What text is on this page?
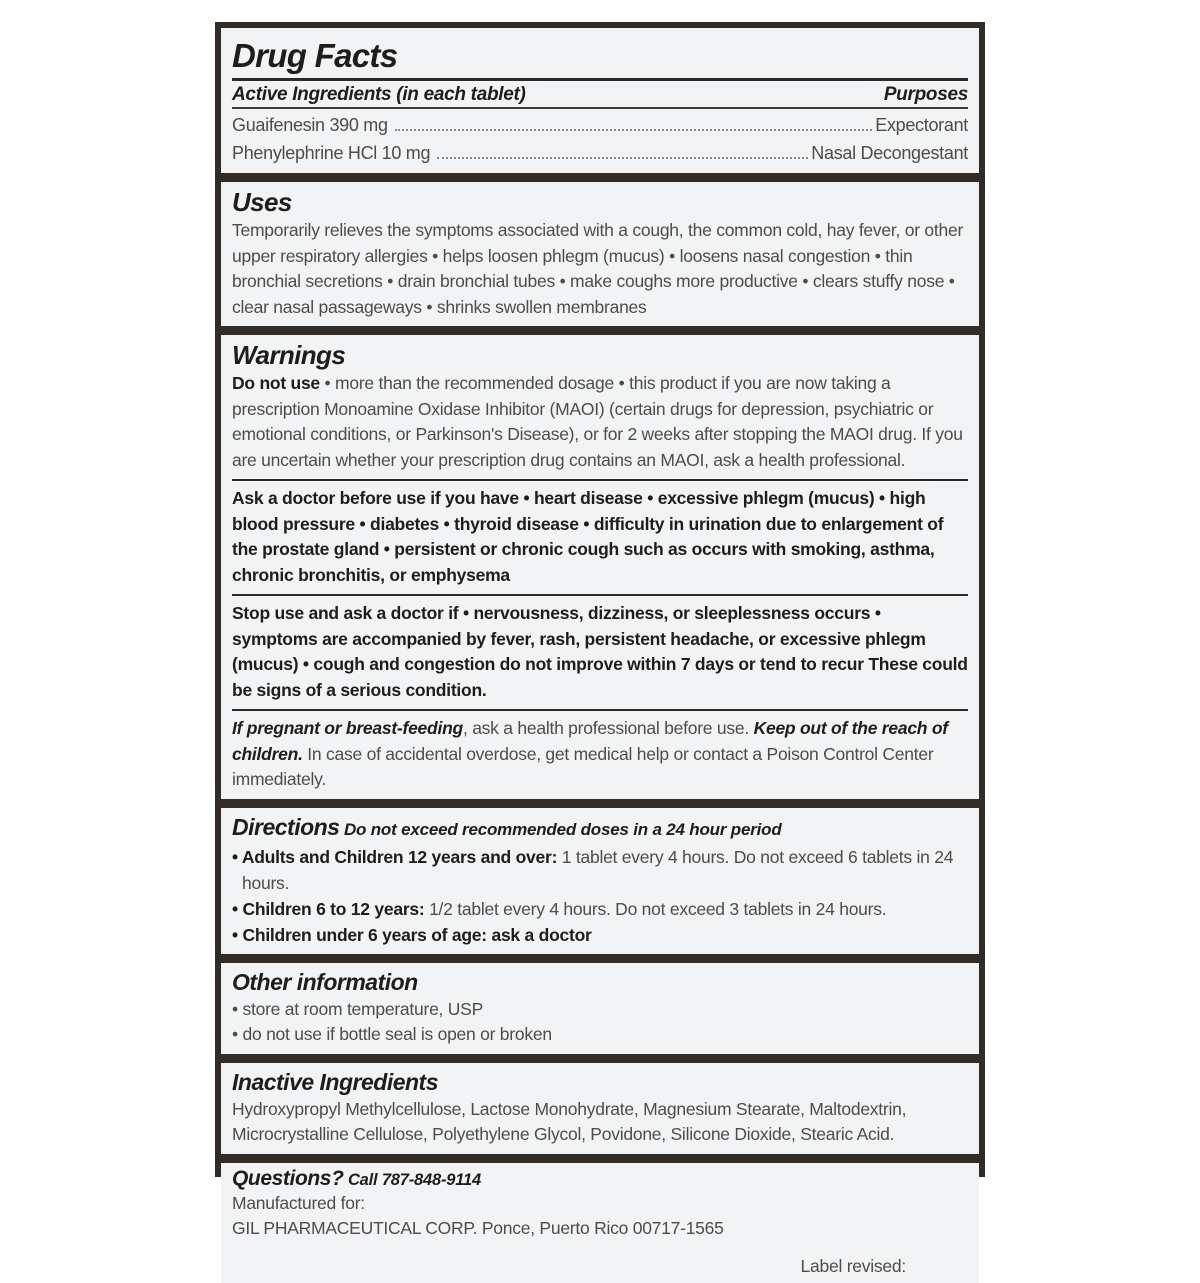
Drug Facts
Active Ingredients (in each tablet)	Purposes
Guaifenesin 390 mg	Expectorant
Phenylephrine HCl 10 mg	Nasal Decongestant
Uses
Temporarily relieves the symptoms associated with a cough, the common cold, hay fever, or other upper respiratory allergies • helps loosen phlegm (mucus) • loosens nasal congestion • thin bronchial secretions • drain bronchial tubes • make coughs more productive • clears stuffy nose • clear nasal passageways • shrinks swollen membranes
Warnings
Do not use • more than the recommended dosage • this product if you are now taking a prescription Monoamine Oxidase Inhibitor (MAOI) (certain drugs for depression, psychiatric or emotional conditions, or Parkinson's Disease), or for 2 weeks after stopping the MAOI drug. If you are uncertain whether your prescription drug contains an MAOI, ask a health professional.
Ask a doctor before use if you have • heart disease • excessive phlegm (mucus) • high blood pressure • diabetes • thyroid disease • difficulty in urination due to enlargement of the prostate gland • persistent or chronic cough such as occurs with smoking, asthma, chronic bronchitis, or emphysema
Stop use and ask a doctor if • nervousness, dizziness, or sleeplessness occurs • symptoms are accompanied by fever, rash, persistent headache, or excessive phlegm (mucus) • cough and congestion do not improve within 7 days or tend to recur These could be signs of a serious condition.
If pregnant or breast-feeding, ask a health professional before use. Keep out of the reach of children. In case of accidental overdose, get medical help or contact a Poison Control Center immediately.
Directions Do not exceed recommended doses in a 24 hour period
• Adults and Children 12 years and over: 1 tablet every 4 hours. Do not exceed 6 tablets in 24 hours.
• Children 6 to 12 years: 1/2 tablet every 4 hours. Do not exceed 3 tablets in 24 hours.
• Children under 6 years of age: ask a doctor
Other information
• store at room temperature, USP
• do not use if bottle seal is open or broken
Inactive Ingredients
Hydroxypropyl Methylcellulose, Lactose Monohydrate, Magnesium Stearate, Maltodextrin, Microcrystalline Cellulose, Polyethylene Glycol, Povidone, Silicone Dioxide, Stearic Acid.
Questions? Call 787-848-9114
Manufactured for:
GIL PHARMACEUTICAL CORP. Ponce, Puerto Rico 00717-1565
Label revised:
